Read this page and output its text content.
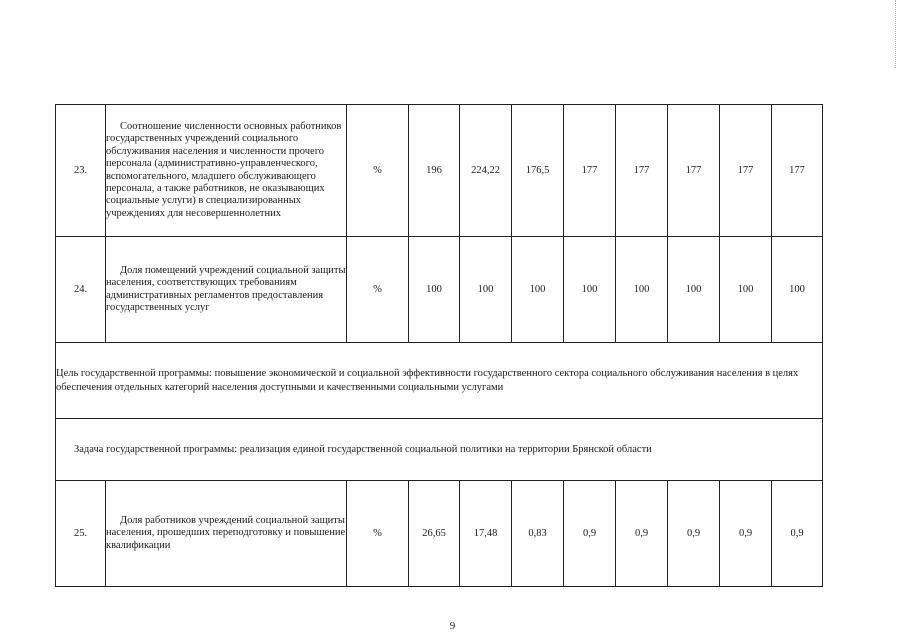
23.	Соотношение численности основных работников государственных учреждений социального обслуживания населения и численности прочего персонала (административно-управленческого, вспомогательного, младшего обслуживающего персонала, а также работников, не оказывающих социальные услуги) в специализированных учреждениях для несовершеннолетних	%	196	224,22	176,5	177	177	177	177	177
24.	Доля помещений учреждений социальной защиты населения, соответствующих требованиям административных регламентов предоставления государственных услуг	%	100	100	100	100	100	100	100	100
Цель государственной программы: повышение экономической и социальной эффективности государственного сектора социального обслуживания населения в целях обеспечения отдельных категорий населения доступными и качественными социальными услугами										
Задача государственной программы: реализация единой государственной социальной политики на территории Брянской области										
25.	Доля работников учреждений социальной защиты населения, прошедших переподготовку и повышение квалификации	%	26,65	17,48	0,83	0,9	0,9	0,9	0,9	0,9
9
